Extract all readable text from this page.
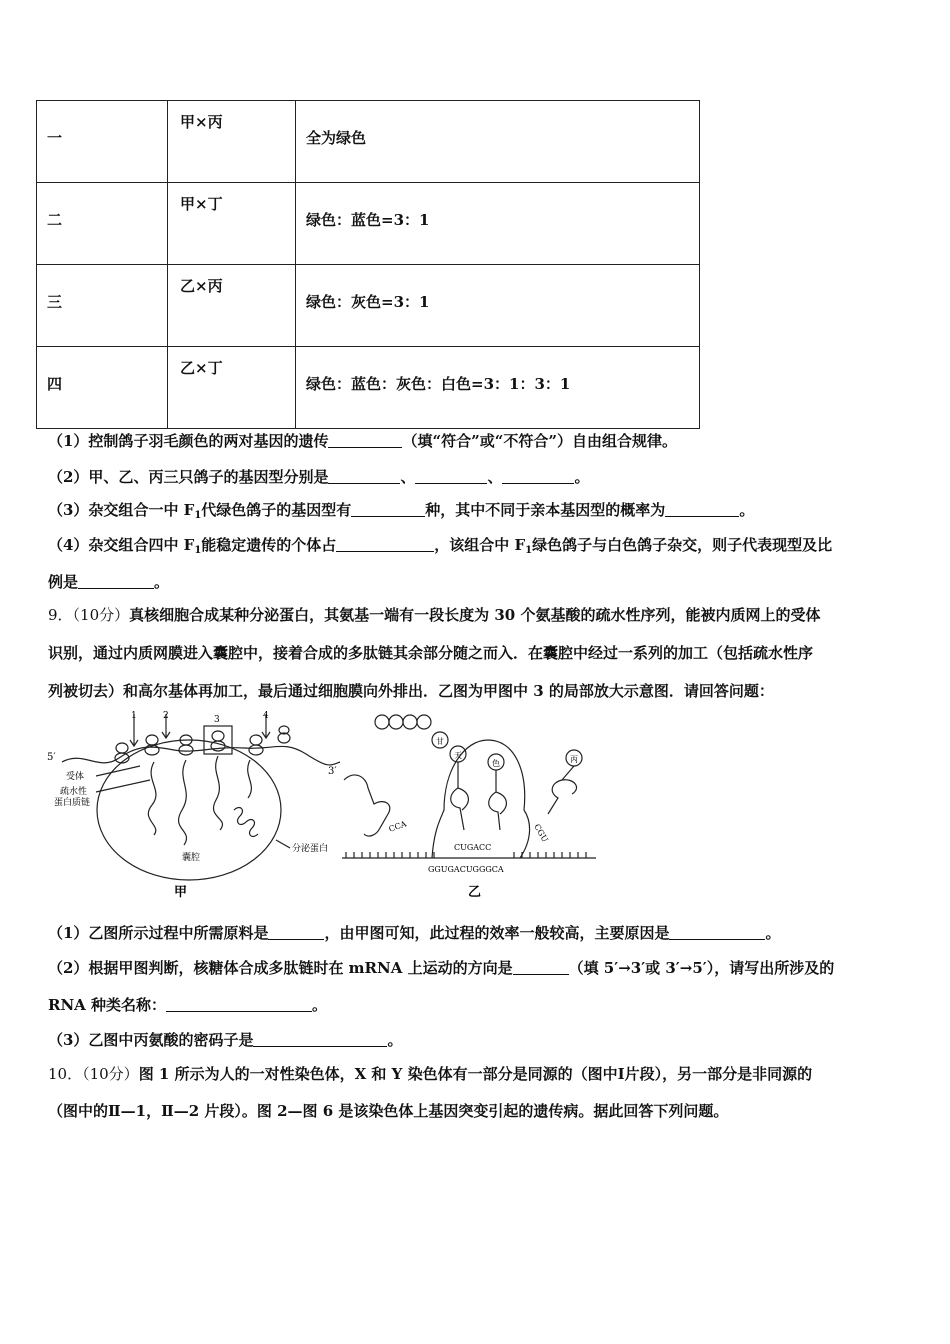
一	甲×丙	全为绿色

二	甲×丁	绿色：蓝色=3：1

三	乙×丙	绿色：灰色=3：1

四	乙×丁	绿色：蓝色：灰色：白色=3：1：3：1
（1）控制鸽子羽毛颜色的两对基因的遗传	（填“符合”或“不符合”）自由组合规律。
（2）甲、乙、丙三只鸽子的基因型分别是	、	、	。
（3）杂交组合一中 $F_1$代绿色鸽子的基因型有	种，其中不同于亲本基因型的概率为	。
（4）杂交组合四中 $F_1$能稳定遗传的个体占	，该组合中 $F_1$绿色鸽子与白色鸽子杂交，则子代表现型及比
例是	。
9．（10分）真核细胞合成某种分泌蛋白，其氨基一端有一段长度为 30 个氨基酸的疏水性序列，能被内质网上的受体
识别，通过内质网膜进入囊腔中，接着合成的多肽链其余部分随之而入．在囊腔中经过一系列的加工（包括疏水性序
列被切去）和高尔基体再加工，最后通过细胞膜向外排出．乙图为甲图中 3 的局部放大示意图．请回答问题：
1	2	3	4
5′
3′
受体
疏水性
蛋白质链
囊腔
分泌蛋白
甲
甘
天
色	丙
CCA	CGU
CUGACC
GGUGACUGGGCA
乙
（1）乙图所示过程中所需原料是	，由甲图可知，此过程的效率一般较高，主要原因是	。
（2）根据甲图判断，核糖体合成多肽链时在 mRNA 上运动的方向是	（填 5′→3′或 3′→5′），请写出所涉及的
RNA 种类名称：	。
（3）乙图中丙氨酸的密码子是	。
10．（10分）图 1 所示为人的一对性染色体，X 和 Y 染色体有一部分是同源的（图中Ⅰ片段），另一部分是非同源的
（图中的Ⅱ—1，Ⅱ—2 片段）。图 2—图 6 是该染色体上基因突变引起的遗传病。据此回答下列问题。
